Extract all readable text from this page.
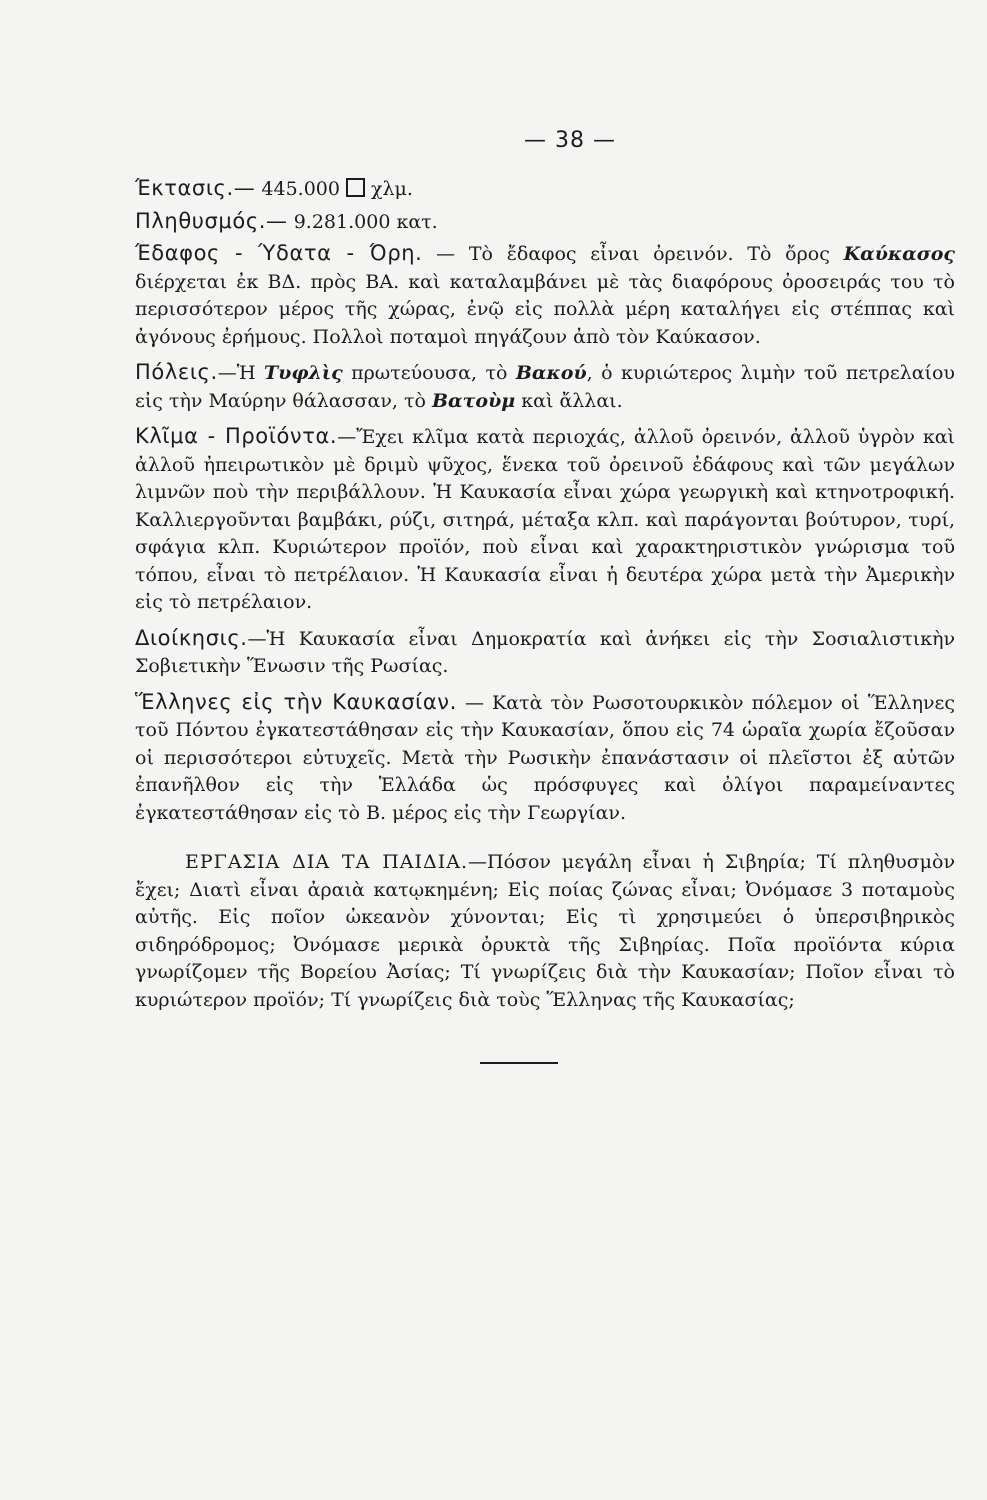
— 38 —
Έκτασις.— 445.000 χλμ.
Πληθυσμός.— 9.281.000 κατ.
Έδαφος - Ύδατα - Όρη. — Τὸ ἔδαφος εἶναι ὀρεινόν. Τὸ ὄρος Καύκασος διέρχεται ἐκ ΒΔ. πρὸς ΒΑ. καὶ καταλαμβάνει μὲ τὰς διαφόρους ὀροσειράς του τὸ περισσότερον μέρος τῆς χώρας, ἐνῷ εἰς πολλὰ μέρη καταλήγει εἰς στέππας καὶ ἀγόνους ἐρήμους. Πολλοὶ ποταμοὶ πηγάζουν ἀπὸ τὸν Καύκασον.
Πόλεις.—Ἡ Τυφλὶς πρωτεύουσα, τὸ Βακού, ὁ κυριώτερος λιμὴν τοῦ πετρελαίου εἰς τὴν Μαύρην θάλασσαν, τὸ Βατοὺμ καὶ ἄλλαι.
Κλῖμα - Προϊόντα.—Ἔχει κλῖμα κατὰ περιοχάς, ἀλλοῦ ὀρεινόν, ἀλλοῦ ὑγρὸν καὶ ἀλλοῦ ἠπειρωτικὸν μὲ δριμὺ ψῦχος, ἕνεκα τοῦ ὀρεινοῦ ἐδάφους καὶ τῶν μεγάλων λιμνῶν ποὺ τὴν περιβάλλουν. Ἡ Καυκασία εἶναι χώρα γεωργικὴ καὶ κτηνοτροφική. Καλλιεργοῦνται βαμβάκι, ρύζι, σιτηρά, μέταξα κλπ. καὶ παράγονται βούτυρον, τυρί, σφάγια κλπ. Κυριώτερον προϊόν, ποὺ εἶναι καὶ χαρακτηριστικὸν γνώρισμα τοῦ τόπου, εἶναι τὸ πετρέλαιον. Ἡ Καυκασία εἶναι ἡ δευτέρα χώρα μετὰ τὴν Ἀμερικὴν εἰς τὸ πετρέλαιον.
Διοίκησις.—Ἡ Καυκασία εἶναι Δημοκρατία καὶ ἀνήκει εἰς τὴν Σοσιαλιστικὴν Σοβιετικὴν Ἕνωσιν τῆς Ρωσίας.
Ἕλληνες εἰς τὴν Καυκασίαν. — Κατὰ τὸν Ρωσοτουρκικὸν πόλεμον οἱ Ἕλληνες τοῦ Πόντου ἐγκατεστάθησαν εἰς τὴν Καυκασίαν, ὅπου εἰς 74 ὡραῖα χωρία ἔζοῦσαν οἱ περισσότεροι εὐτυχεῖς. Μετὰ τὴν Ρωσικὴν ἐπανάστασιν οἱ πλεῖστοι ἐξ αὐτῶν ἐπανῆλθον εἰς τὴν Ἑλλάδα ὡς πρόσφυγες καὶ ὀλίγοι παραμείναντες ἐγκατεστάθησαν εἰς τὸ Β. μέρος εἰς τὴν Γεωργίαν.
ΕΡΓΑΣΙΑ ΔΙΑ ΤΑ ΠΑΙΔΙΑ.—Πόσον μεγάλη εἶναι ἡ Σιβηρία; Τί πληθυσμὸν ἔχει; Διατὶ εἶναι ἀραιὰ κατῳκημένη; Εἰς ποίας ζώνας εἶναι; Ὀνόμασε 3 ποταμοὺς αὐτῆς. Εἰς ποῖον ὠκεανὸν χύνονται; Εἰς τὶ χρησιμεύει ὁ ὑπερσιβηρικὸς σιδηρόδρομος; Ὀνόμασε μερικὰ ὀρυκτὰ τῆς Σιβηρίας. Ποῖα προϊόντα κύρια γνωρίζομεν τῆς Βορείου Ἀσίας; Τί γνωρίζεις διὰ τὴν Καυκασίαν; Ποῖον εἶναι τὸ κυριώτερον προϊόν; Τί γνωρίζεις διὰ τοὺς Ἕλληνας τῆς Καυκασίας;
